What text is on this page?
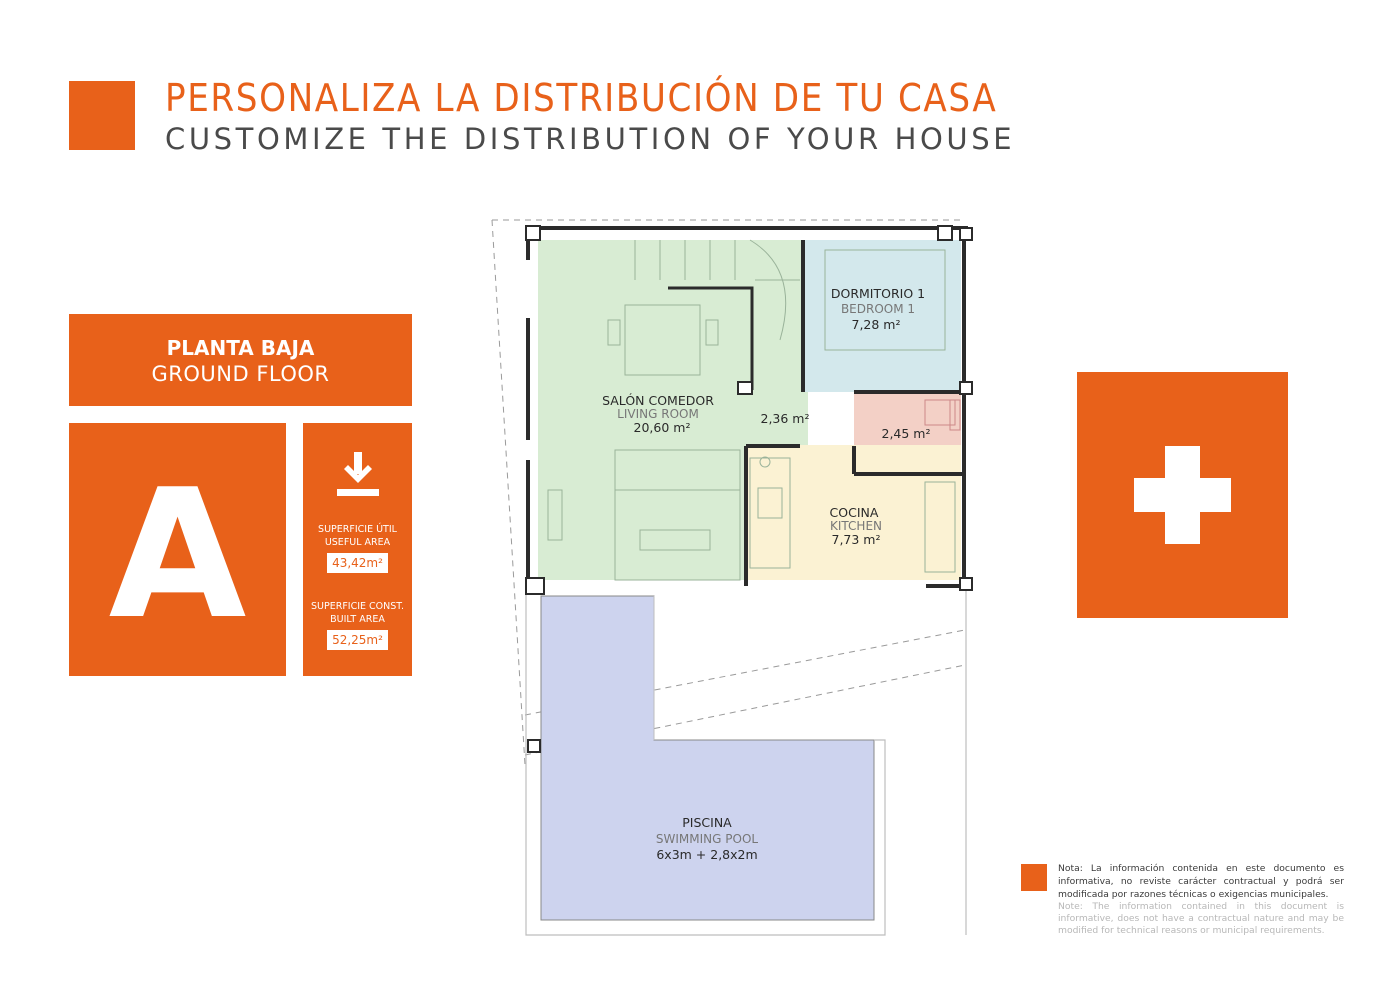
PERSONALIZA LA DISTRIBUCIÓN DE TU CASA
CUSTOMIZE THE DISTRIBUTION OF YOUR HOUSE
PLANTA BAJA
GROUND FLOOR
A	SUPERFICIE ÚTIL
USEFUL AREA
43,42m²
SUPERFICIE CONST.
BUILT AREA
52,25m²
SALÓN COMEDOR
LIVING ROOM
20,60 m²
DORMITORIO 1
BEDROOM 1
7,28 m²
2,36 m²
2,45 m²
COCINA
KITCHEN
7,73 m²
PISCINA
SWIMMING POOL
6x3m + 2,8x2m
Nota: La información contenida en este documento es informativa, no reviste carácter contractual y podrá ser modificada por razones técnicas o exigencias municipales.
Note: The information contained in this document is informative, does not have a contractual nature and may be modified for technical reasons or municipal requirements.
